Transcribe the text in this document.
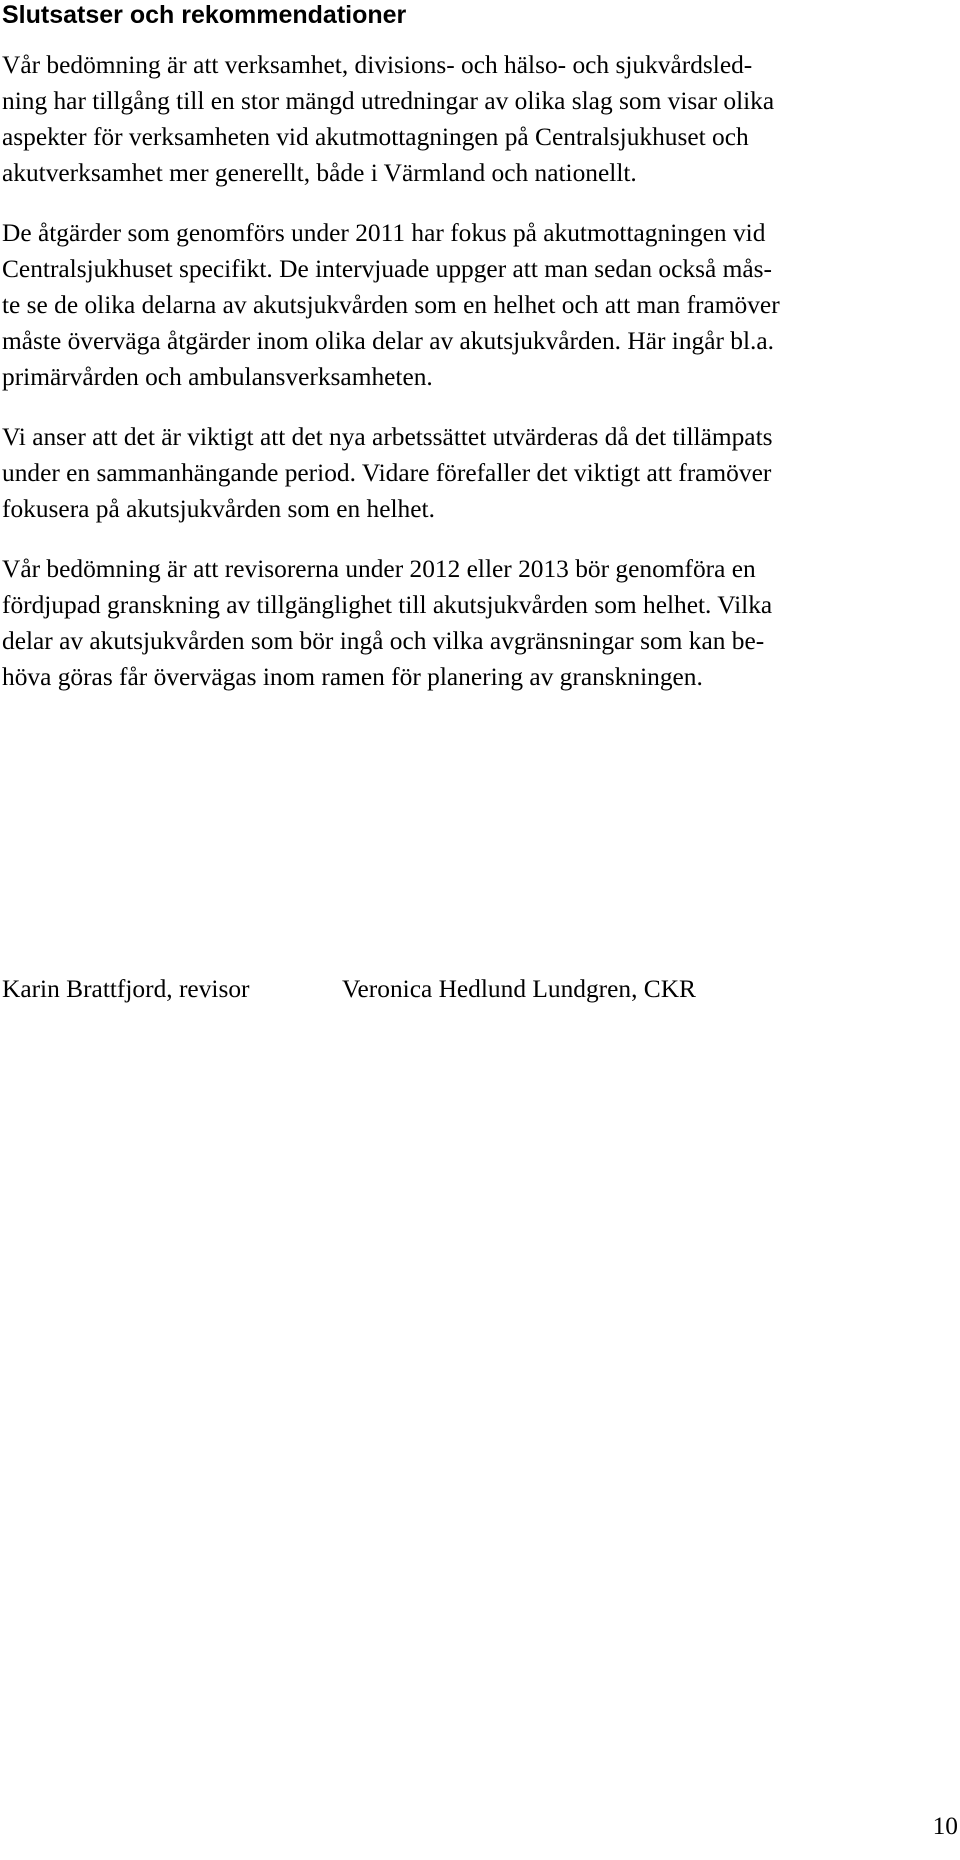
Slutsatser och rekommendationer

Vår bedömning är att verksamhet, divisions- och hälso- och sjukvårdsled-
ning har tillgång till en stor mängd utredningar av olika slag som visar olika
aspekter för verksamheten vid akutmottagningen på Centralsjukhuset och
akutverksamhet mer generellt, både i Värmland och nationellt.

De åtgärder som genomförs under 2011 har fokus på akutmottagningen vid
Centralsjukhuset specifikt. De intervjuade uppger att man sedan också mås-
te se de olika delarna av akutsjukvården som en helhet och att man framöver
måste överväga åtgärder inom olika delar av akutsjukvården. Här ingår bl.a.
primärvården och ambulansverksamheten.

Vi anser att det är viktigt att det nya arbetssättet utvärderas då det tillämpats
under en sammanhängande period. Vidare förefaller det viktigt att framöver
fokusera på akutsjukvården som en helhet.

Vår bedömning är att revisorerna under 2012 eller 2013 bör genomföra en
fördjupad granskning av tillgänglighet till akutsjukvården som helhet. Vilka
delar av akutsjukvården som bör ingå och vilka avgränsningar som kan be-
höva göras får övervägas inom ramen för planering av granskningen.

Karin Brattfjord, revisor	Veronica Hedlund Lundgren, CKR
10
